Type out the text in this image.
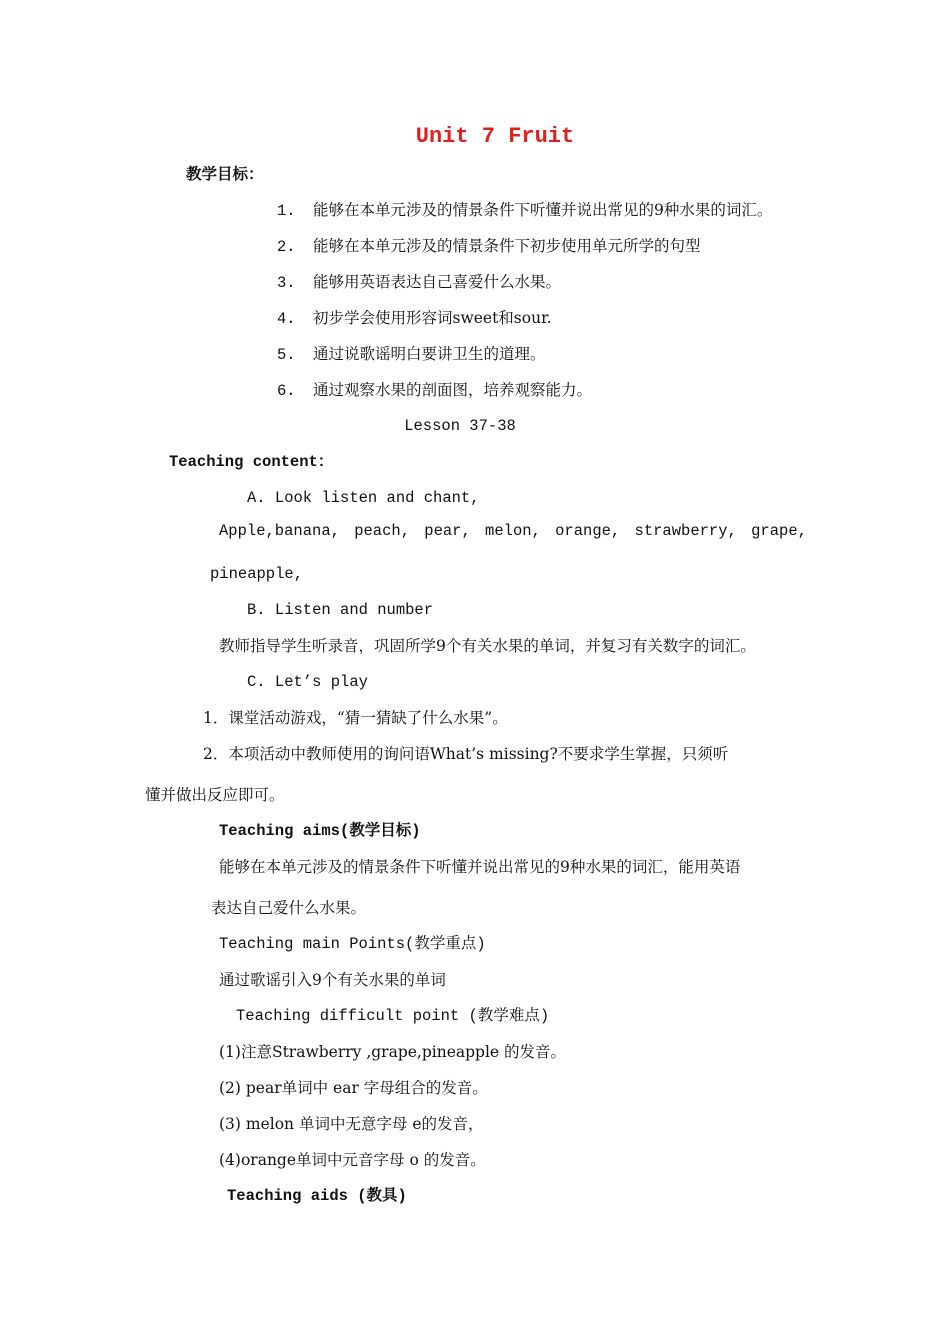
Unit 7 Fruit
教学目标：
1. 能够在本单元涉及的情景条件下听懂并说出常见的9种水果的词汇。
2. 能够在本单元涉及的情景条件下初步使用单元所学的句型
3. 能够用英语表达自己喜爱什么水果。
4. 初步学会使用形容词sweet和sour.
5. 通过说歌谣明白要讲卫生的道理。
6. 通过观察水果的剖面图，培养观察能力。
Lesson 37-38
Teaching content：
A. Look listen and chant,
Apple,banana, peach, pear, melon, orange, strawberry, grape,
pineapple,
B. Listen and number
教师指导学生听录音，巩固所学9个有关水果的单词，并复习有关数字的词汇。
C. Let’s play
1．课堂活动游戏，“猜一猜缺了什么水果”。
2．本项活动中教师使用的询问语What’s missing?不要求学生掌握，只须听
懂并做出反应即可。
Teaching aims(教学目标)
能够在本单元涉及的情景条件下听懂并说出常见的9种水果的词汇，能用英语
表达自己爱什么水果。
Teaching main Points(教学重点)
通过歌谣引入9个有关水果的单词
Teaching difficult point (教学难点)
(1)注意Strawberry ,grape,pineapple 的发音。
(2) pear单词中 ear 字母组合的发音。
(3) melon 单词中无意字母 e的发音，
(4)orange单词中元音字母 o 的发音。
Teaching aids (教具)
